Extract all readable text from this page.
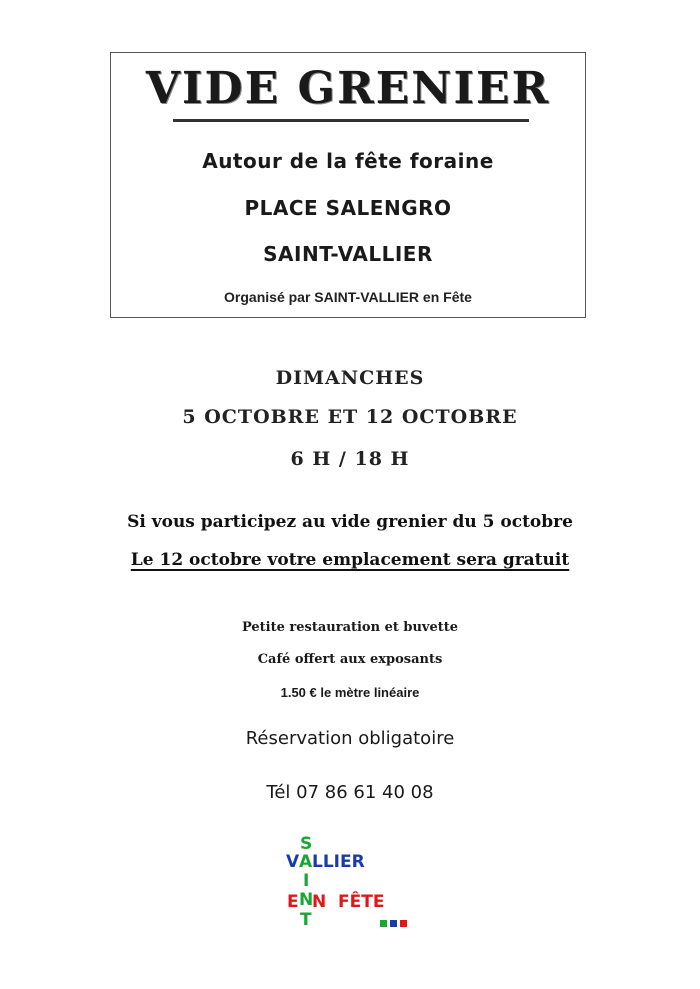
VIDE GRENIER
Autour de la fête foraine
PLACE SALENGRO
SAINT-VALLIER
Organisé par SAINT-VALLIER en Fête
DIMANCHES
5 OCTOBRE ET 12 OCTOBRE
6 H / 18 H
Si vous participez au vide grenier du 5 octobre
Le 12 octobre votre emplacement sera gratuit
Petite restauration et buvette
Café offert aux exposants
1.50 € le mètre linéaire
Réservation obligatoire
Tél 07 86 61 40 08
S
A
I
N
T
V LLIER
E N FÊTE
